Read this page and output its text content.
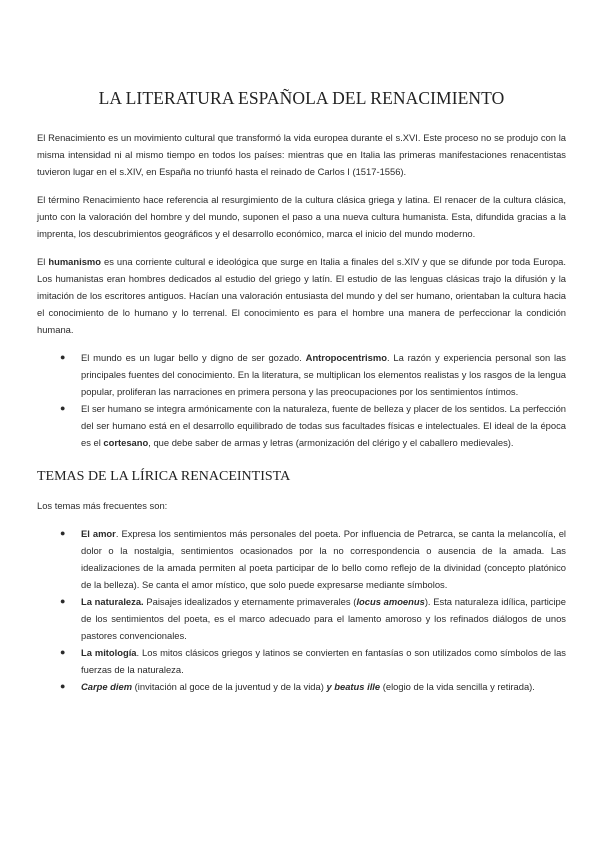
LA LITERATURA ESPAÑOLA DEL RENACIMIENTO

El Renacimiento es un movimiento cultural que transformó la vida europea durante el s.XVI. Este proceso no se produjo con la misma intensidad ni al mismo tiempo en todos los países: mientras que en Italia las primeras manifestaciones renacentistas tuvieron lugar en el s.XIV, en España no triunfó hasta el reinado de Carlos I (1517-1556).

El término Renacimiento hace referencia al resurgimiento de la cultura clásica griega y latina. El renacer de la cultura clásica, junto con la valoración del hombre y del mundo, suponen el paso a una nueva cultura humanista. Esta, difundida gracias a la imprenta, los descubrimientos geográficos y el desarrollo económico, marca el inicio del mundo moderno.

El humanismo es una corriente cultural e ideológica que surge en Italia a finales del s.XIV y que se difunde por toda Europa. Los humanistas eran hombres dedicados al estudio del griego y latín. El estudio de las lenguas clásicas trajo la difusión y la imitación de los escritores antiguos. Hacían una valoración entusiasta del mundo y del ser humano, orientaban la cultura hacia el conocimiento de lo humano y lo terrenal. El conocimiento es para el hombre una manera de perfeccionar la condición humana.

● El mundo es un lugar bello y digno de ser gozado. Antropocentrismo. La razón y experiencia personal son las principales fuentes del conocimiento. En la literatura, se multiplican los elementos realistas y los rasgos de la lengua popular, proliferan las narraciones en primera persona y las preocupaciones por los sentimientos íntimos.
● El ser humano se integra armónicamente con la naturaleza, fuente de belleza y placer de los sentidos. La perfección del ser humano está en el desarrollo equilibrado de todas sus facultades físicas e intelectuales. El ideal de la época es el cortesano, que debe saber de armas y letras (armonización del clérigo y el caballero medievales).
TEMAS DE LA LÍRICA RENACEINTISTA

Los temas más frecuentes son:

● El amor. Expresa los sentimientos más personales del poeta. Por influencia de Petrarca, se canta la melancolía, el dolor o la nostalgia, sentimientos ocasionados por la no correspondencia o ausencia de la amada. Las idealizaciones de la amada permiten al poeta participar de lo bello como reflejo de la divinidad (concepto platónico de la belleza). Se canta el amor místico, que solo puede expresarse mediante símbolos.
● La naturaleza. Paisajes idealizados y eternamente primaverales (locus amoenus). Esta naturaleza idílica, participe de los sentimientos del poeta, es el marco adecuado para el lamento amoroso y los refinados diálogos de unos pastores convencionales.
● La mitología. Los mitos clásicos griegos y latinos se convierten en fantasías o son utilizados como símbolos de las fuerzas de la naturaleza.
● Carpe diem (invitación al goce de la juventud y de la vida) y beatus ille (elogio de la vida sencilla y retirada).
